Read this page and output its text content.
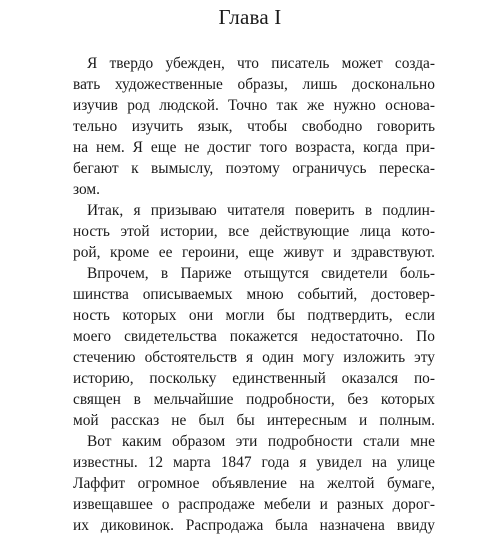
Глава I
Я твердо убежден, что писатель может созда-
вать художественные образы, лишь досконально
изучив род людской. Точно так же нужно основа-
тельно изучить язык, чтобы свободно говорить
на нем. Я еще не достиг того возраста, когда при-
бегают к вымыслу, поэтому ограничусь переска-
зом.
Итак, я призываю читателя поверить в подлин-
ность этой истории, все действующие лица кото-
рой, кроме ее героини, еще живут и здравствуют.
Впрочем, в Париже отыщутся свидетели боль-
шинства описываемых мною событий, достовер-
ность которых они могли бы подтвердить, если
моего свидетельства покажется недостаточно. По
стечению обстоятельств я один могу изложить эту
историю, поскольку единственный оказался по-
священ в мельчайшие подробности, без которых
мой рассказ не был бы интересным и полным.
Вот каким образом эти подробности стали мне
известны. 12 марта 1847 года я увидел на улице
Лаффит огромное объявление на желтой бумаге,
извещавшее о распродаже мебели и разных дорог-
их диковинок. Распродажа была назначена ввиду
